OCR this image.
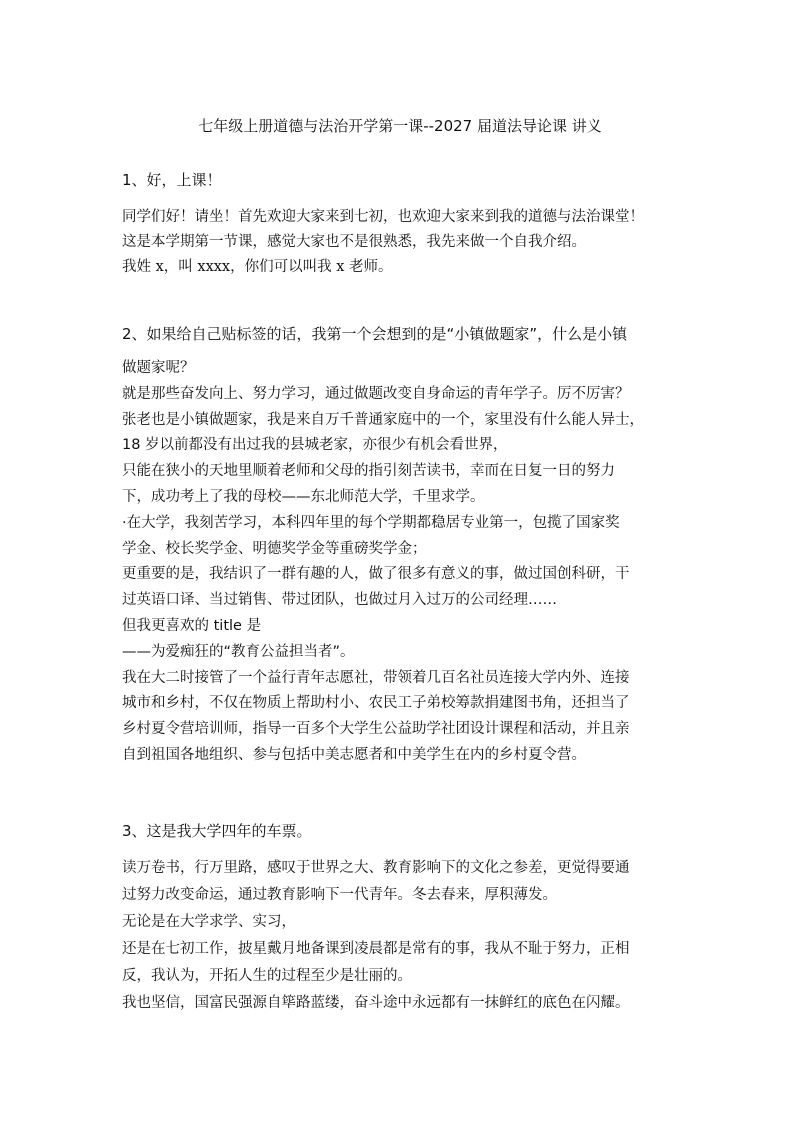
七年级上册道德与法治开学第一课--2027 届道法导论课 讲义
1、好，上课！
同学们好！请坐！首先欢迎大家来到七初，也欢迎大家来到我的道德与法治课堂！
这是本学期第一节课，感觉大家也不是很熟悉，我先来做一个自我介绍。
我姓 x，叫 xxxx，你们可以叫我 x 老师。
2、如果给自己贴标签的话，我第一个会想到的是“小镇做题家”，什么是小镇
做题家呢？
就是那些奋发向上、努力学习，通过做题改变自身命运的青年学子。厉不厉害？
张老也是小镇做题家，我是来自万千普通家庭中的一个，家里没有什么能人异士，
18 岁以前都没有出过我的县城老家，亦很少有机会看世界，
只能在狭小的天地里顺着老师和父母的指引刻苦读书，幸而在日复一日的努力
下，成功考上了我的母校——东北师范大学，千里求学。
·在大学，我刻苦学习，本科四年里的每个学期都稳居专业第一，包揽了国家奖
学金、校长奖学金、明德奖学金等重磅奖学金；
更重要的是，我结识了一群有趣的人，做了很多有意义的事，做过国创科研，干
过英语口译、当过销售、带过团队，也做过月入过万的公司经理……
但我更喜欢的 title 是
——为爱痴狂的“教育公益担当者”。
我在大二时接管了一个益行青年志愿社，带领着几百名社员连接大学内外、连接
城市和乡村，不仅在物质上帮助村小、农民工子弟校筹款捐建图书角，还担当了
乡村夏令营培训师，指导一百多个大学生公益助学社团设计课程和活动，并且亲
自到祖国各地组织、参与包括中美志愿者和中美学生在内的乡村夏令营。
3、这是我大学四年的车票。
读万卷书，行万里路，感叹于世界之大、教育影响下的文化之参差，更觉得要通
过努力改变命运，通过教育影响下一代青年。冬去春来，厚积薄发。
无论是在大学求学、实习，
还是在七初工作，披星戴月地备课到凌晨都是常有的事，我从不耻于努力，正相
反，我认为，开拓人生的过程至少是壮丽的。
我也坚信，国富民强源自筚路蓝缕，奋斗途中永远都有一抹鲜红的底色在闪耀。
